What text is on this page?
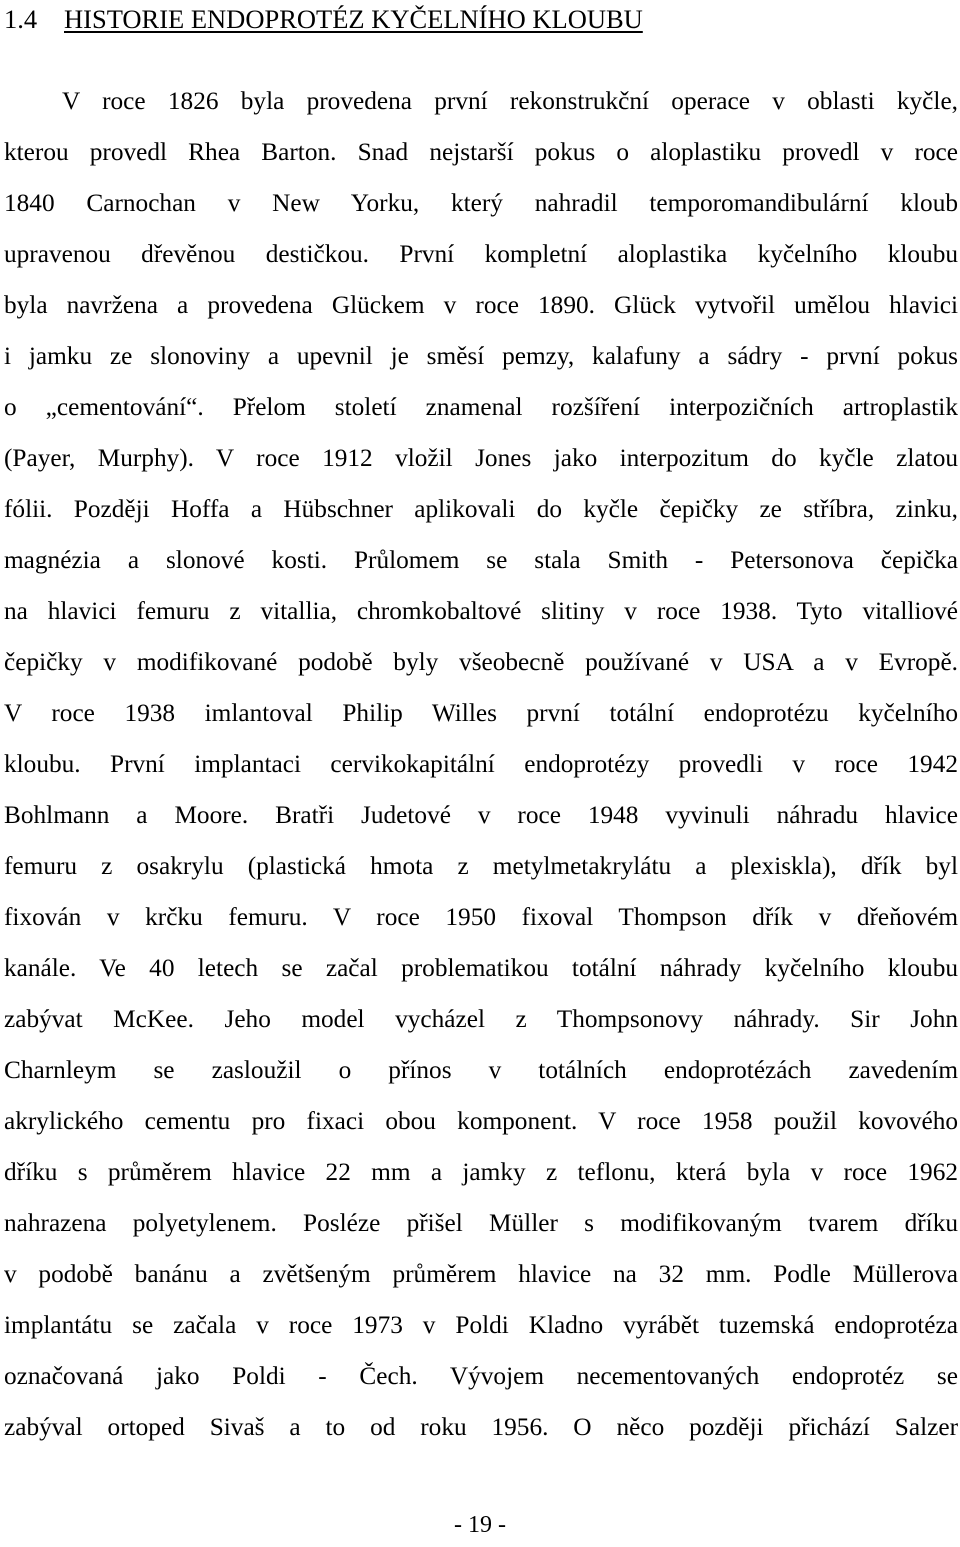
1.4 HISTORIE ENDOPROTÉZ KYČELNÍHO KLOUBU
V roce 1826 byla provedena první rekonstrukční operace v oblasti kyčle,
kterou provedl Rhea Barton. Snad nejstarší pokus o aloplastiku provedl v roce
1840 Carnochan v New Yorku, který nahradil temporomandibulární kloub
upravenou dřevěnou destičkou. První kompletní aloplastika kyčelního kloubu
byla navržena a provedena Glückem v roce 1890. Glück vytvořil umělou hlavici
i jamku ze slonoviny a upevnil je směsí pemzy, kalafuny a sádry - první pokus
o „cementování“. Přelom století znamenal rozšíření interpozičních artroplastik
(Payer, Murphy). V roce 1912 vložil Jones jako interpozitum do kyčle zlatou
fólii. Později Hoffa a Hübschner aplikovali do kyčle čepičky ze stříbra, zinku,
magnézia a slonové kosti. Průlomem se stala Smith - Petersonova čepička
na hlavici femuru z vitallia, chromkobaltové slitiny v roce 1938. Tyto vitalliové
čepičky v modifikované podobě byly všeobecně používané v USA a v Evropě.
V roce 1938 imlantoval Philip Willes první totální endoprotézu kyčelního
kloubu. První implantaci cervikokapitální endoprotézy provedli v roce 1942
Bohlmann a Moore. Bratři Judetové v roce 1948 vyvinuli náhradu hlavice
femuru z osakrylu (plastická hmota z metylmetakrylátu a plexiskla), dřík byl
fixován v krčku femuru. V roce 1950 fixoval Thompson dřík v dřeňovém
kanále. Ve 40 letech se začal problematikou totální náhrady kyčelního kloubu
zabývat McKee. Jeho model vycházel z Thompsonovy náhrady. Sir John
Charnleym se zasloužil o přínos v totálních endoprotézách zavedením
akrylického cementu pro fixaci obou komponent. V roce 1958 použil kovového
dříku s průměrem hlavice 22 mm a jamky z teflonu, která byla v roce 1962
nahrazena polyetylenem. Posléze přišel Müller s modifikovaným tvarem dříku
v podobě banánu a zvětšeným průměrem hlavice na 32 mm. Podle Müllerova
implantátu se začala v roce 1973 v Poldi Kladno vyrábět tuzemská endoprotéza
označovaná jako Poldi - Čech. Vývojem necementovaných endoprotéz se
zabýval ortoped Sivaš a to od roku 1956. O něco později přichází Salzer
- 19 -
